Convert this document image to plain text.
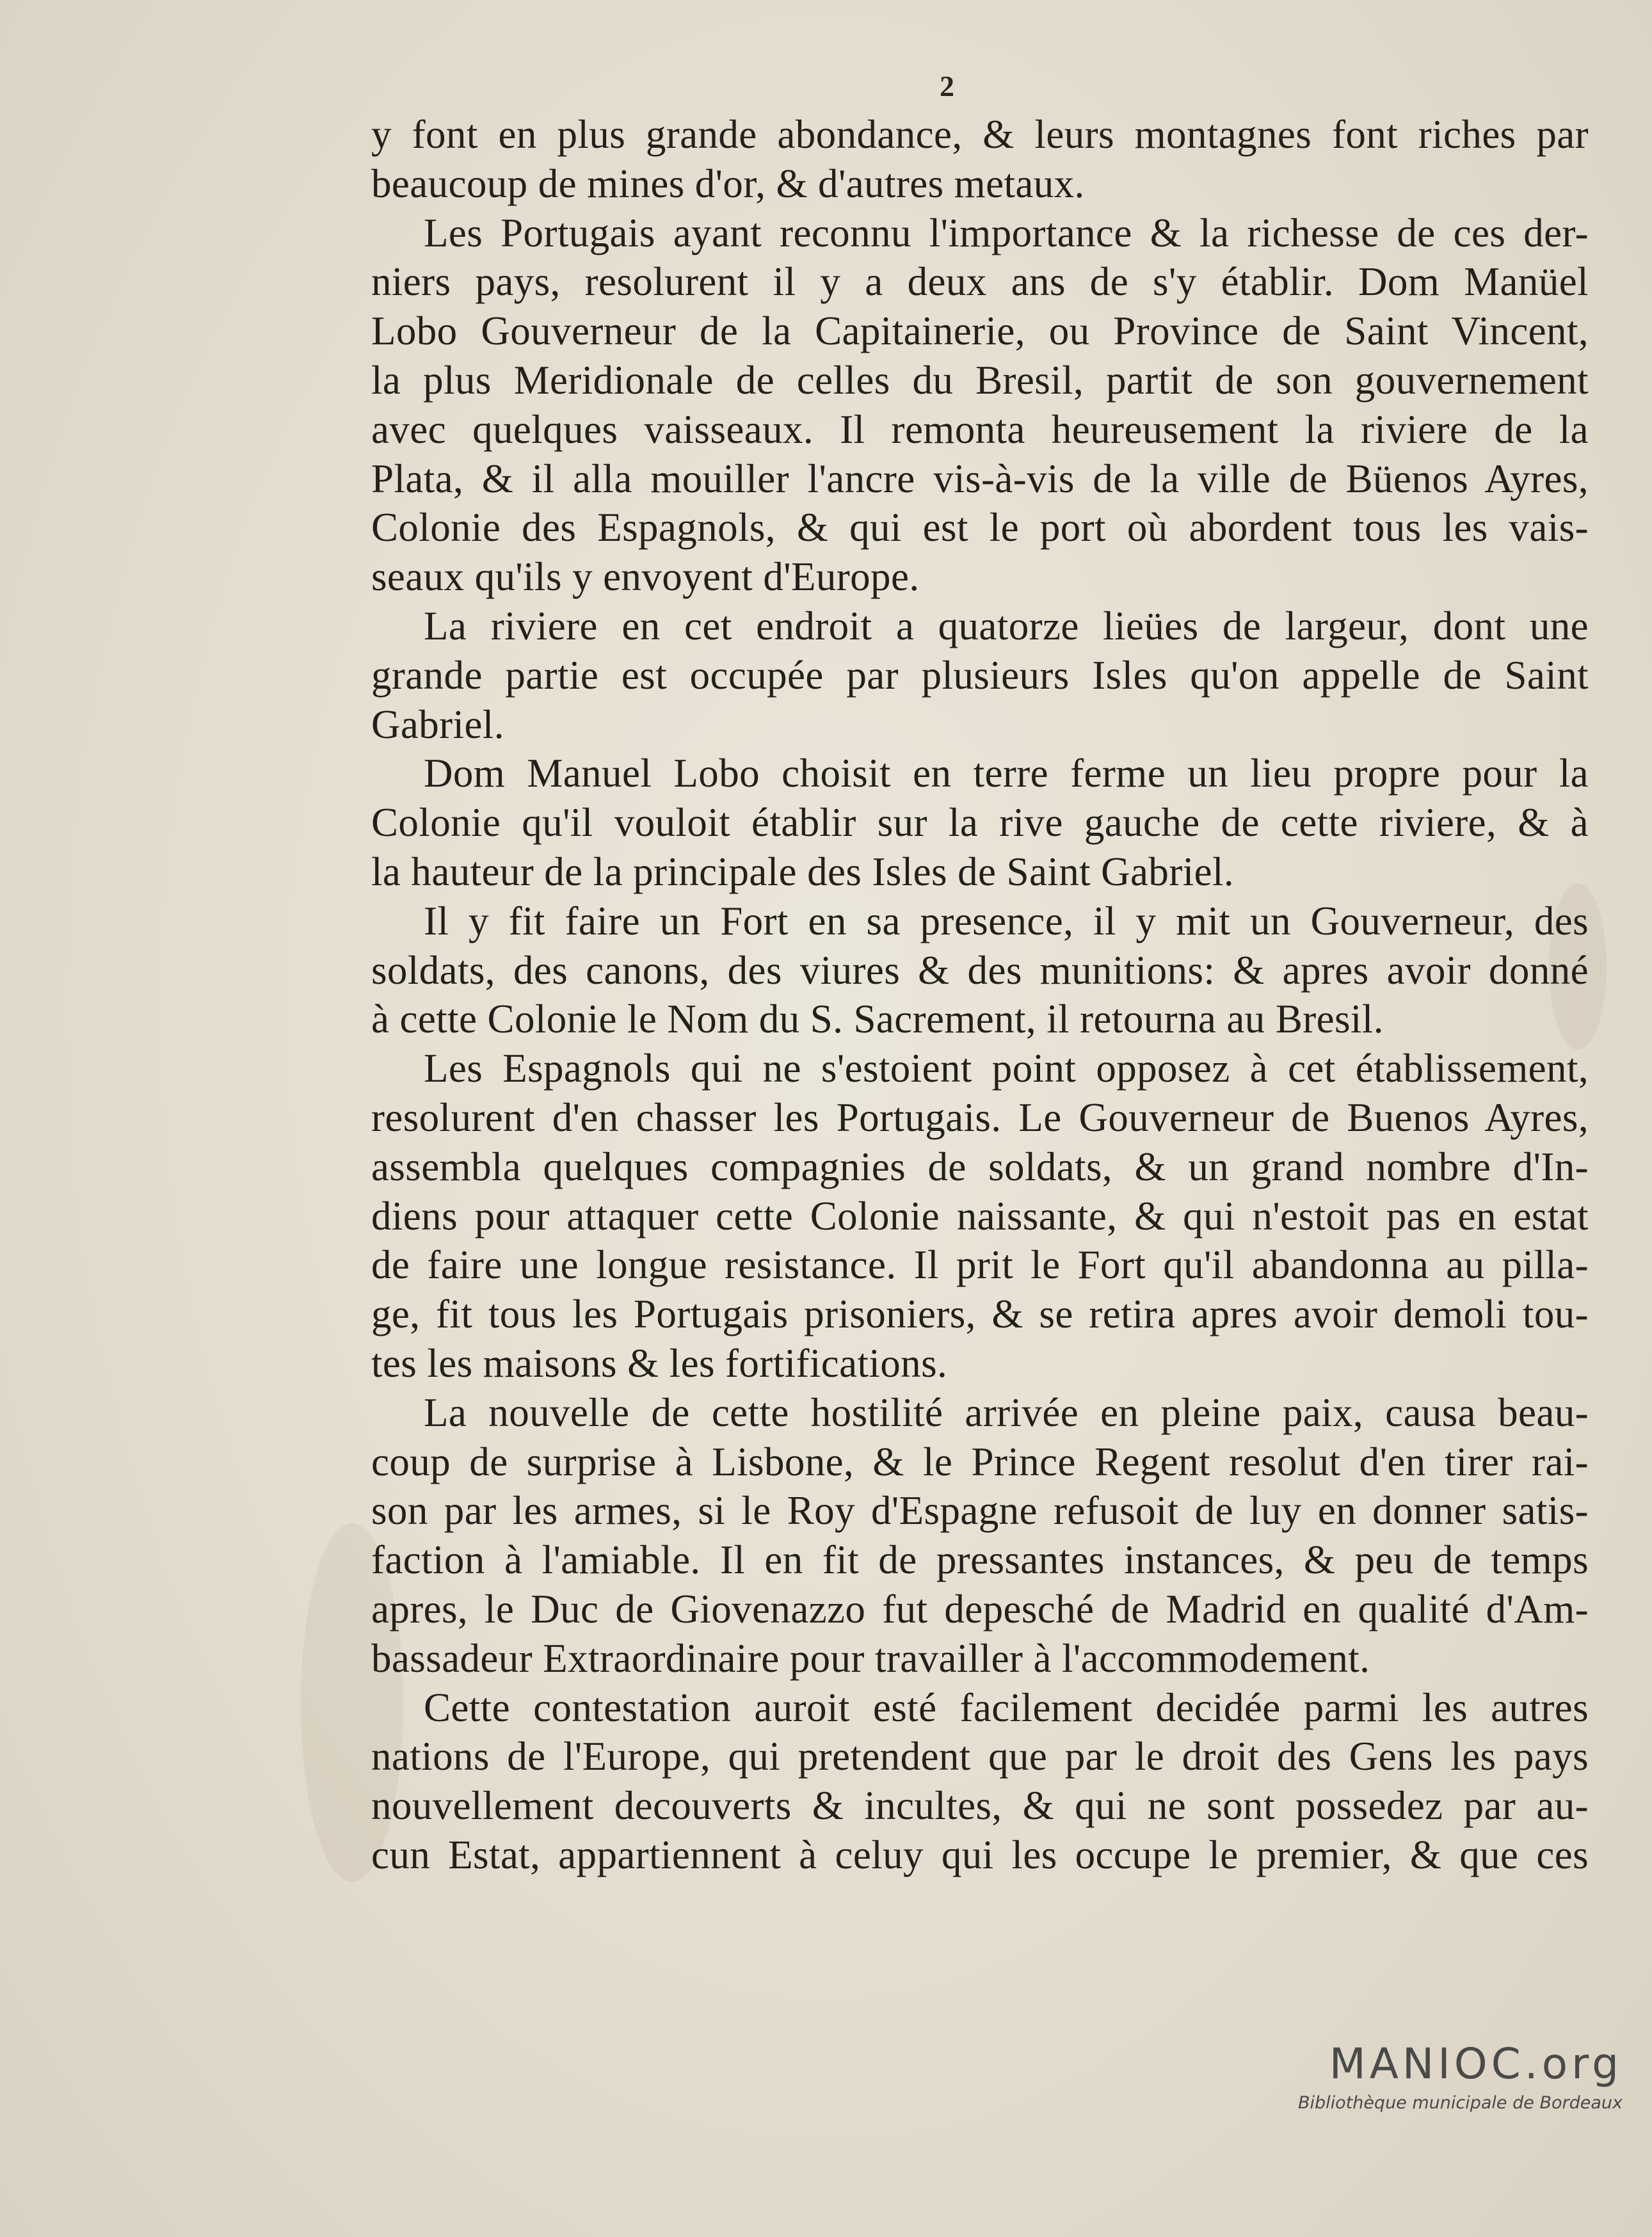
2
y font en plus grande abondance, & leurs montagnes font riches par
beaucoup de mines d'or, & d'autres metaux.
Les Portugais ayant reconnu l'importance & la richesse de ces der-
niers pays, resolurent il y a deux ans de s'y établir. Dom Manüel
Lobo Gouverneur de la Capitainerie, ou Province de Saint Vincent,
la plus Meridionale de celles du Bresil, partit de son gouvernement
avec quelques vaisseaux. Il remonta heureusement la riviere de la
Plata, & il alla mouiller l'ancre vis-à-vis de la ville de Büenos Ayres,
Colonie des Espagnols, & qui est le port où abordent tous les vais-
seaux qu'ils y envoyent d'Europe.
La riviere en cet endroit a quatorze lieües de largeur, dont une
grande partie est occupée par plusieurs Isles qu'on appelle de Saint
Gabriel.
Dom Manuel Lobo choisit en terre ferme un lieu propre pour la
Colonie qu'il vouloit établir sur la rive gauche de cette riviere, & à
la hauteur de la principale des Isles de Saint Gabriel.
Il y fit faire un Fort en sa presence, il y mit un Gouverneur, des
soldats, des canons, des viures & des munitions: & apres avoir donné
à cette Colonie le Nom du S. Sacrement, il retourna au Bresil.
Les Espagnols qui ne s'estoient point opposez à cet établissement,
resolurent d'en chasser les Portugais. Le Gouverneur de Buenos Ayres,
assembla quelques compagnies de soldats, & un grand nombre d'In-
diens pour attaquer cette Colonie naissante, & qui n'estoit pas en estat
de faire une longue resistance. Il prit le Fort qu'il abandonna au pilla-
ge, fit tous les Portugais prisoniers, & se retira apres avoir demoli tou-
tes les maisons & les fortifications.
La nouvelle de cette hostilité arrivée en pleine paix, causa beau-
coup de surprise à Lisbone, & le Prince Regent resolut d'en tirer rai-
son par les armes, si le Roy d'Espagne refusoit de luy en donner satis-
faction à l'amiable. Il en fit de pressantes instances, & peu de temps
apres, le Duc de Giovenazzo fut depesché de Madrid en qualité d'Am-
bassadeur Extraordinaire pour travailler à l'accommodement.
Cette contestation auroit esté facilement decidée parmi les autres
nations de l'Europe, qui pretendent que par le droit des Gens les pays
nouvellement decouverts & incultes, & qui ne sont possedez par au-
cun Estat, appartiennent à celuy qui les occupe le premier, & que ces
MANIOC.org
Bibliothèque municipale de Bordeaux
